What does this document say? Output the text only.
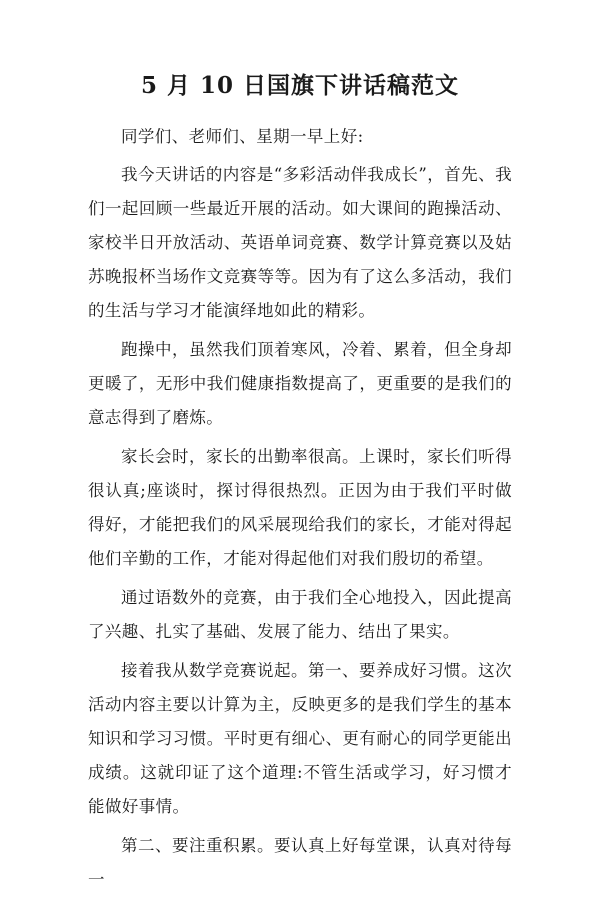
5 月 10 日国旗下讲话稿范文

同学们、老师们、星期一早上好:

我今天讲话的内容是“多彩活动伴我成长”，首先、我们一起回顾一些最近开展的活动。如大课间的跑操活动、家校半日开放活动、英语单词竞赛、数学计算竞赛以及姑苏晚报杯当场作文竞赛等等。因为有了这么多活动，我们的生活与学习才能演绎地如此的精彩。

跑操中，虽然我们顶着寒风，冷着、累着，但全身却更暖了，无形中我们健康指数提高了，更重要的是我们的意志得到了磨炼。

家长会时，家长的出勤率很高。上课时，家长们听得很认真;座谈时，探讨得很热烈。正因为由于我们平时做得好，才能把我们的风采展现给我们的家长，才能对得起他们辛勤的工作，才能对得起他们对我们殷切的希望。

通过语数外的竞赛，由于我们全心地投入，因此提高了兴趣、扎实了基础、发展了能力、结出了果实。

接着我从数学竞赛说起。第一、要养成好习惯。这次活动内容主要以计算为主，反映更多的是我们学生的基本知识和学习习惯。平时更有细心、更有耐心的同学更能出成绩。这就印证了这个道理:不管生活或学习，好习惯才能做好事情。

第二、要注重积累。要认真上好每堂课，认真对待每一
